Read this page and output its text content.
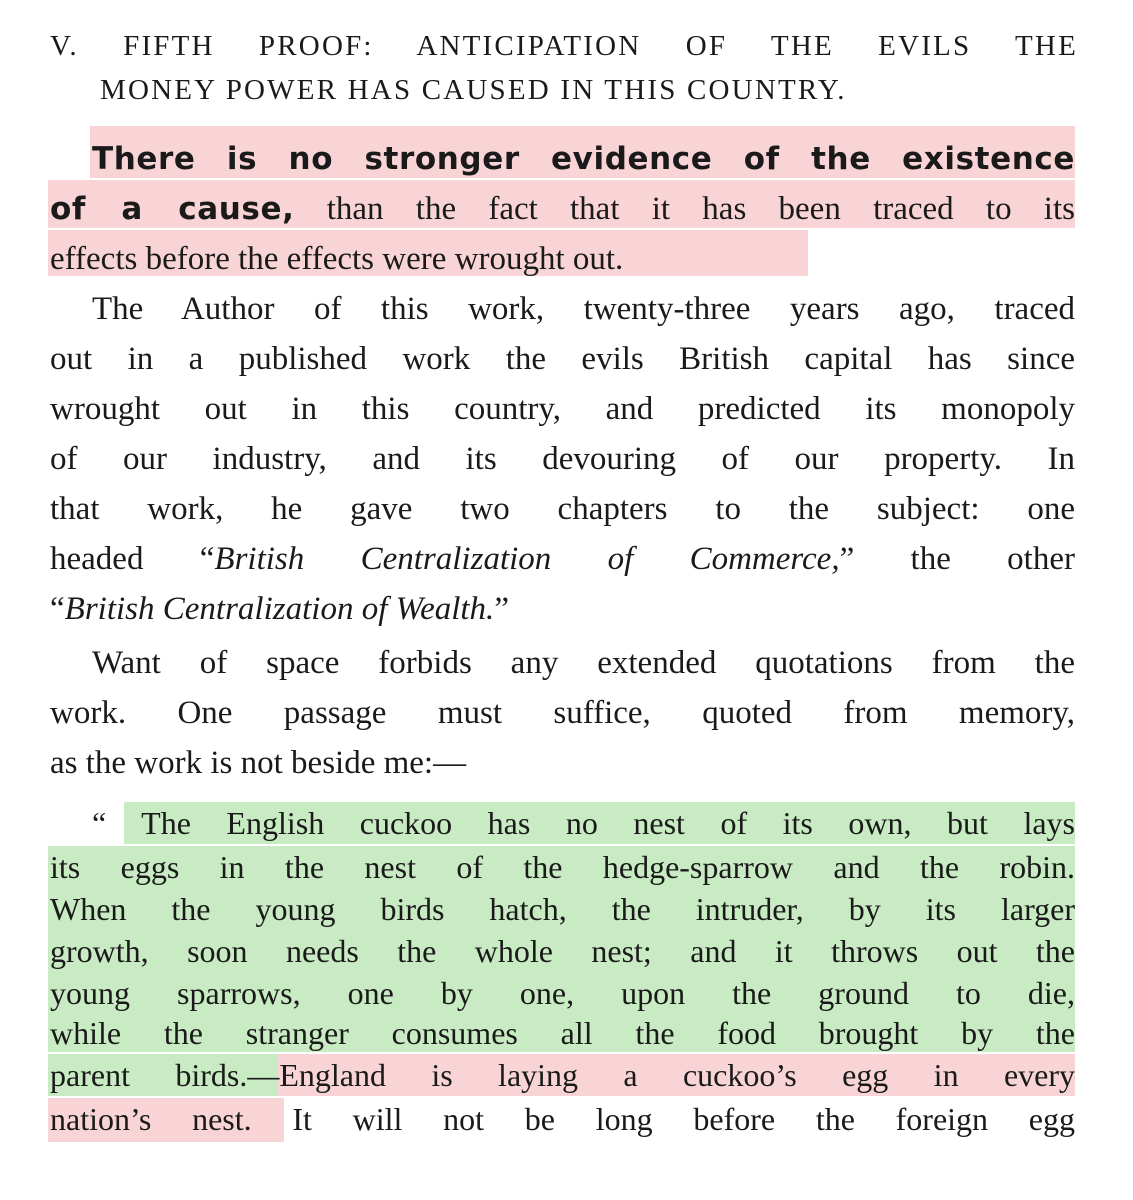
V. FIFTH PROOF: ANTICIPATION OF THE EVILS THE
MONEY POWER HAS CAUSED IN THIS COUNTRY.
There is no stronger evidence of the existence
of a cause, than the fact that it has been traced to its
effects before the effects were wrought out.
The Author of this work, twenty-three years ago, traced
out in a published work the evils British capital has since
wrought out in this country, and predicted its monopoly
of our industry, and its devouring of our property. In
that work, he gave two chapters to the subject: one
headed “British Centralization of Commerce,” the other
“British Centralization of Wealth.”
Want of space forbids any extended quotations from the
work. One passage must suffice, quoted from memory,
as the work is not beside me:—
“ The English cuckoo has no nest of its own, but lays
its eggs in the nest of the hedge-sparrow and the robin.
When the young birds hatch, the intruder, by its larger
growth, soon needs the whole nest; and it throws out the
young sparrows, one by one, upon the ground to die,
while the stranger consumes all the food brought by the
parent birds.—England is laying a cuckoo’s egg in every
nation’s nest. It will not be long before the foreign egg
